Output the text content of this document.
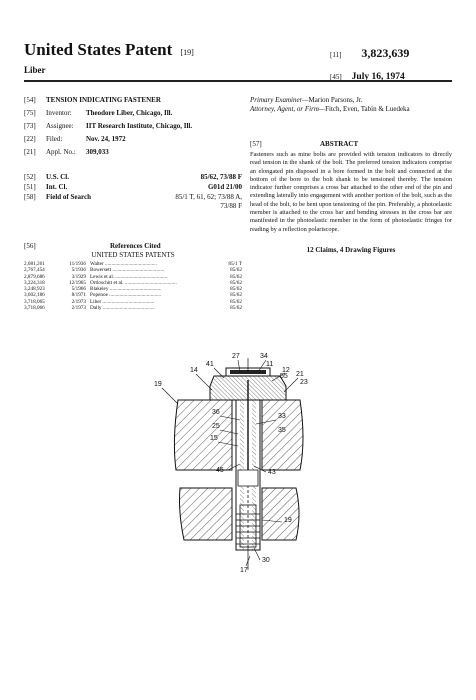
United States Patent [19]
Liber
[11] 3,823,639
[45] July 16, 1974
[54] TENSION INDICATING FASTENER
[75] Inventor: Theodore Liber, Chicago, Ill.
[73] Assignee: IIT Research Institute, Chicago, Ill.
[22] Filed:	Nov. 24, 1972
[21] Appl. No.: 309,033
[52] U.S. Cl.	85/62, 73/88 F
[51] Int. Cl.	G01d 21/00
[58] Field of Search	85/1 T, 61, 62; 73/88 A,
73/88 F
[56]	References Cited
UNITED STATES PATENTS
2,081,261	11/1936	Walter ........................................	85/1 T
2,767,454	5/1936	Bowersett ........................................	85/62
2,879,686	3/1929	Lewis et al. ........................................	85/62
3,224,318	12/1965	Ortloschitt et al. ........................................	85/62
3,248,923	5/1966	Blakeley ........................................	85/62
3,602,186	8/1971	Popenoe ........................................	85/62
3,718,065	2/1973	Liber ........................................	85/62
3,718,066	2/1973	Dally ........................................	85/62
Primary Examiner—Marion Parsons, Jr.
Attorney, Agent, or Firm—Fitch, Even, Tabin & Luedeka
[57]	ABSTRACT
Fasteners such as mine bolts are provided with tension indicators to directly read tension in the shank of the bolt. The preferred tension indicators comprise an elongated pin disposed in a bore formed in the bolt and connected at the bottom of the bore to the bolt shank to be tensioned thereby. The tension indicator further comprises a cross bar attached to the other end of the pin and extending laterally into engagement with another portion of the bolt, such as the head of the bolt, to be bent upon tensioning of the pin. Preferably, a photoelastic member is attached to the cross bar and bending stresses in the cross bar are manifested in the photoelastic member in the form of photoelastic fringes for reading by a reflection polariscope.
12 Claims, 4 Drawing Figures
27	34
11
41
14	12
55 21
23
19
36
25
33
15
35
45	43
19
17
30
